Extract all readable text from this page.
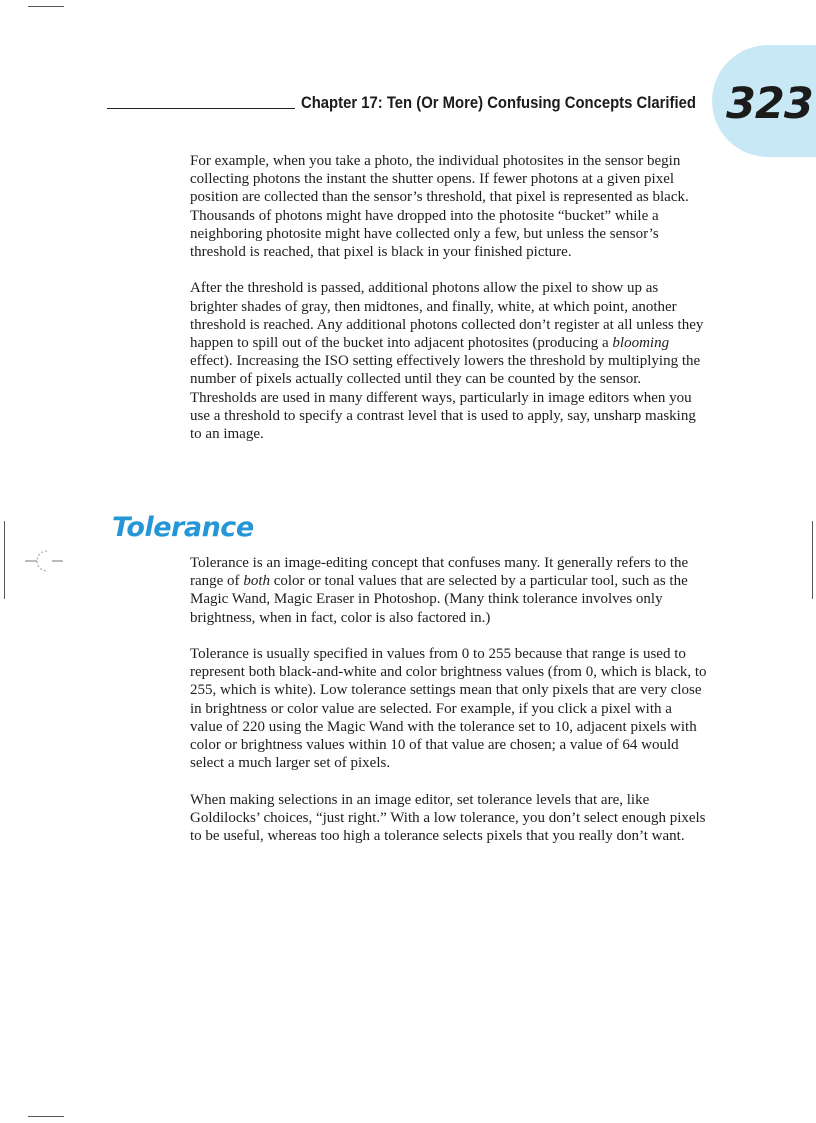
323
Chapter 17: Ten (Or More) Confusing Concepts Clarified

For example, when you take a photo, the individual photosites in the sensor begin collecting photons the instant the shutter opens. If fewer photons at a given pixel position are collected than the sensor’s threshold, that pixel is represented as black. Thousands of photons might have dropped into the photosite “bucket” while a neighboring photosite might have collected only a few, but unless the sensor’s threshold is reached, that pixel is black in your finished picture.

After the threshold is passed, additional photons allow the pixel to show up as brighter shades of gray, then midtones, and finally, white, at which point, another threshold is reached. Any additional photons collected don’t register at all unless they happen to spill out of the bucket into adjacent photosites (producing a blooming effect). Increasing the ISO setting effectively lowers the threshold by multiplying the number of pixels actually collected until they can be counted by the sensor. Thresholds are used in many different ways, particularly in image editors when you use a threshold to specify a contrast level that is used to apply, say, unsharp masking to an image.

Tolerance

Tolerance is an image-editing concept that confuses many. It generally refers to the range of both color or tonal values that are selected by a particular tool, such as the Magic Wand, Magic Eraser in Photoshop. (Many think tolerance involves only brightness, when in fact, color is also factored in.)

Tolerance is usually specified in values from 0 to 255 because that range is used to represent both black-and-white and color brightness values (from 0, which is black, to 255, which is white). Low tolerance settings mean that only pixels that are very close in brightness or color value are selected. For example, if you click a pixel with a value of 220 using the Magic Wand with the tolerance set to 10, adjacent pixels with color or brightness values within 10 of that value are chosen; a value of 64 would select a much larger set of pixels.

When making selections in an image editor, set tolerance levels that are, like Goldilocks’ choices, “just right.” With a low tolerance, you don’t select enough pixels to be useful, whereas too high a tolerance selects pixels that you really don’t want.
